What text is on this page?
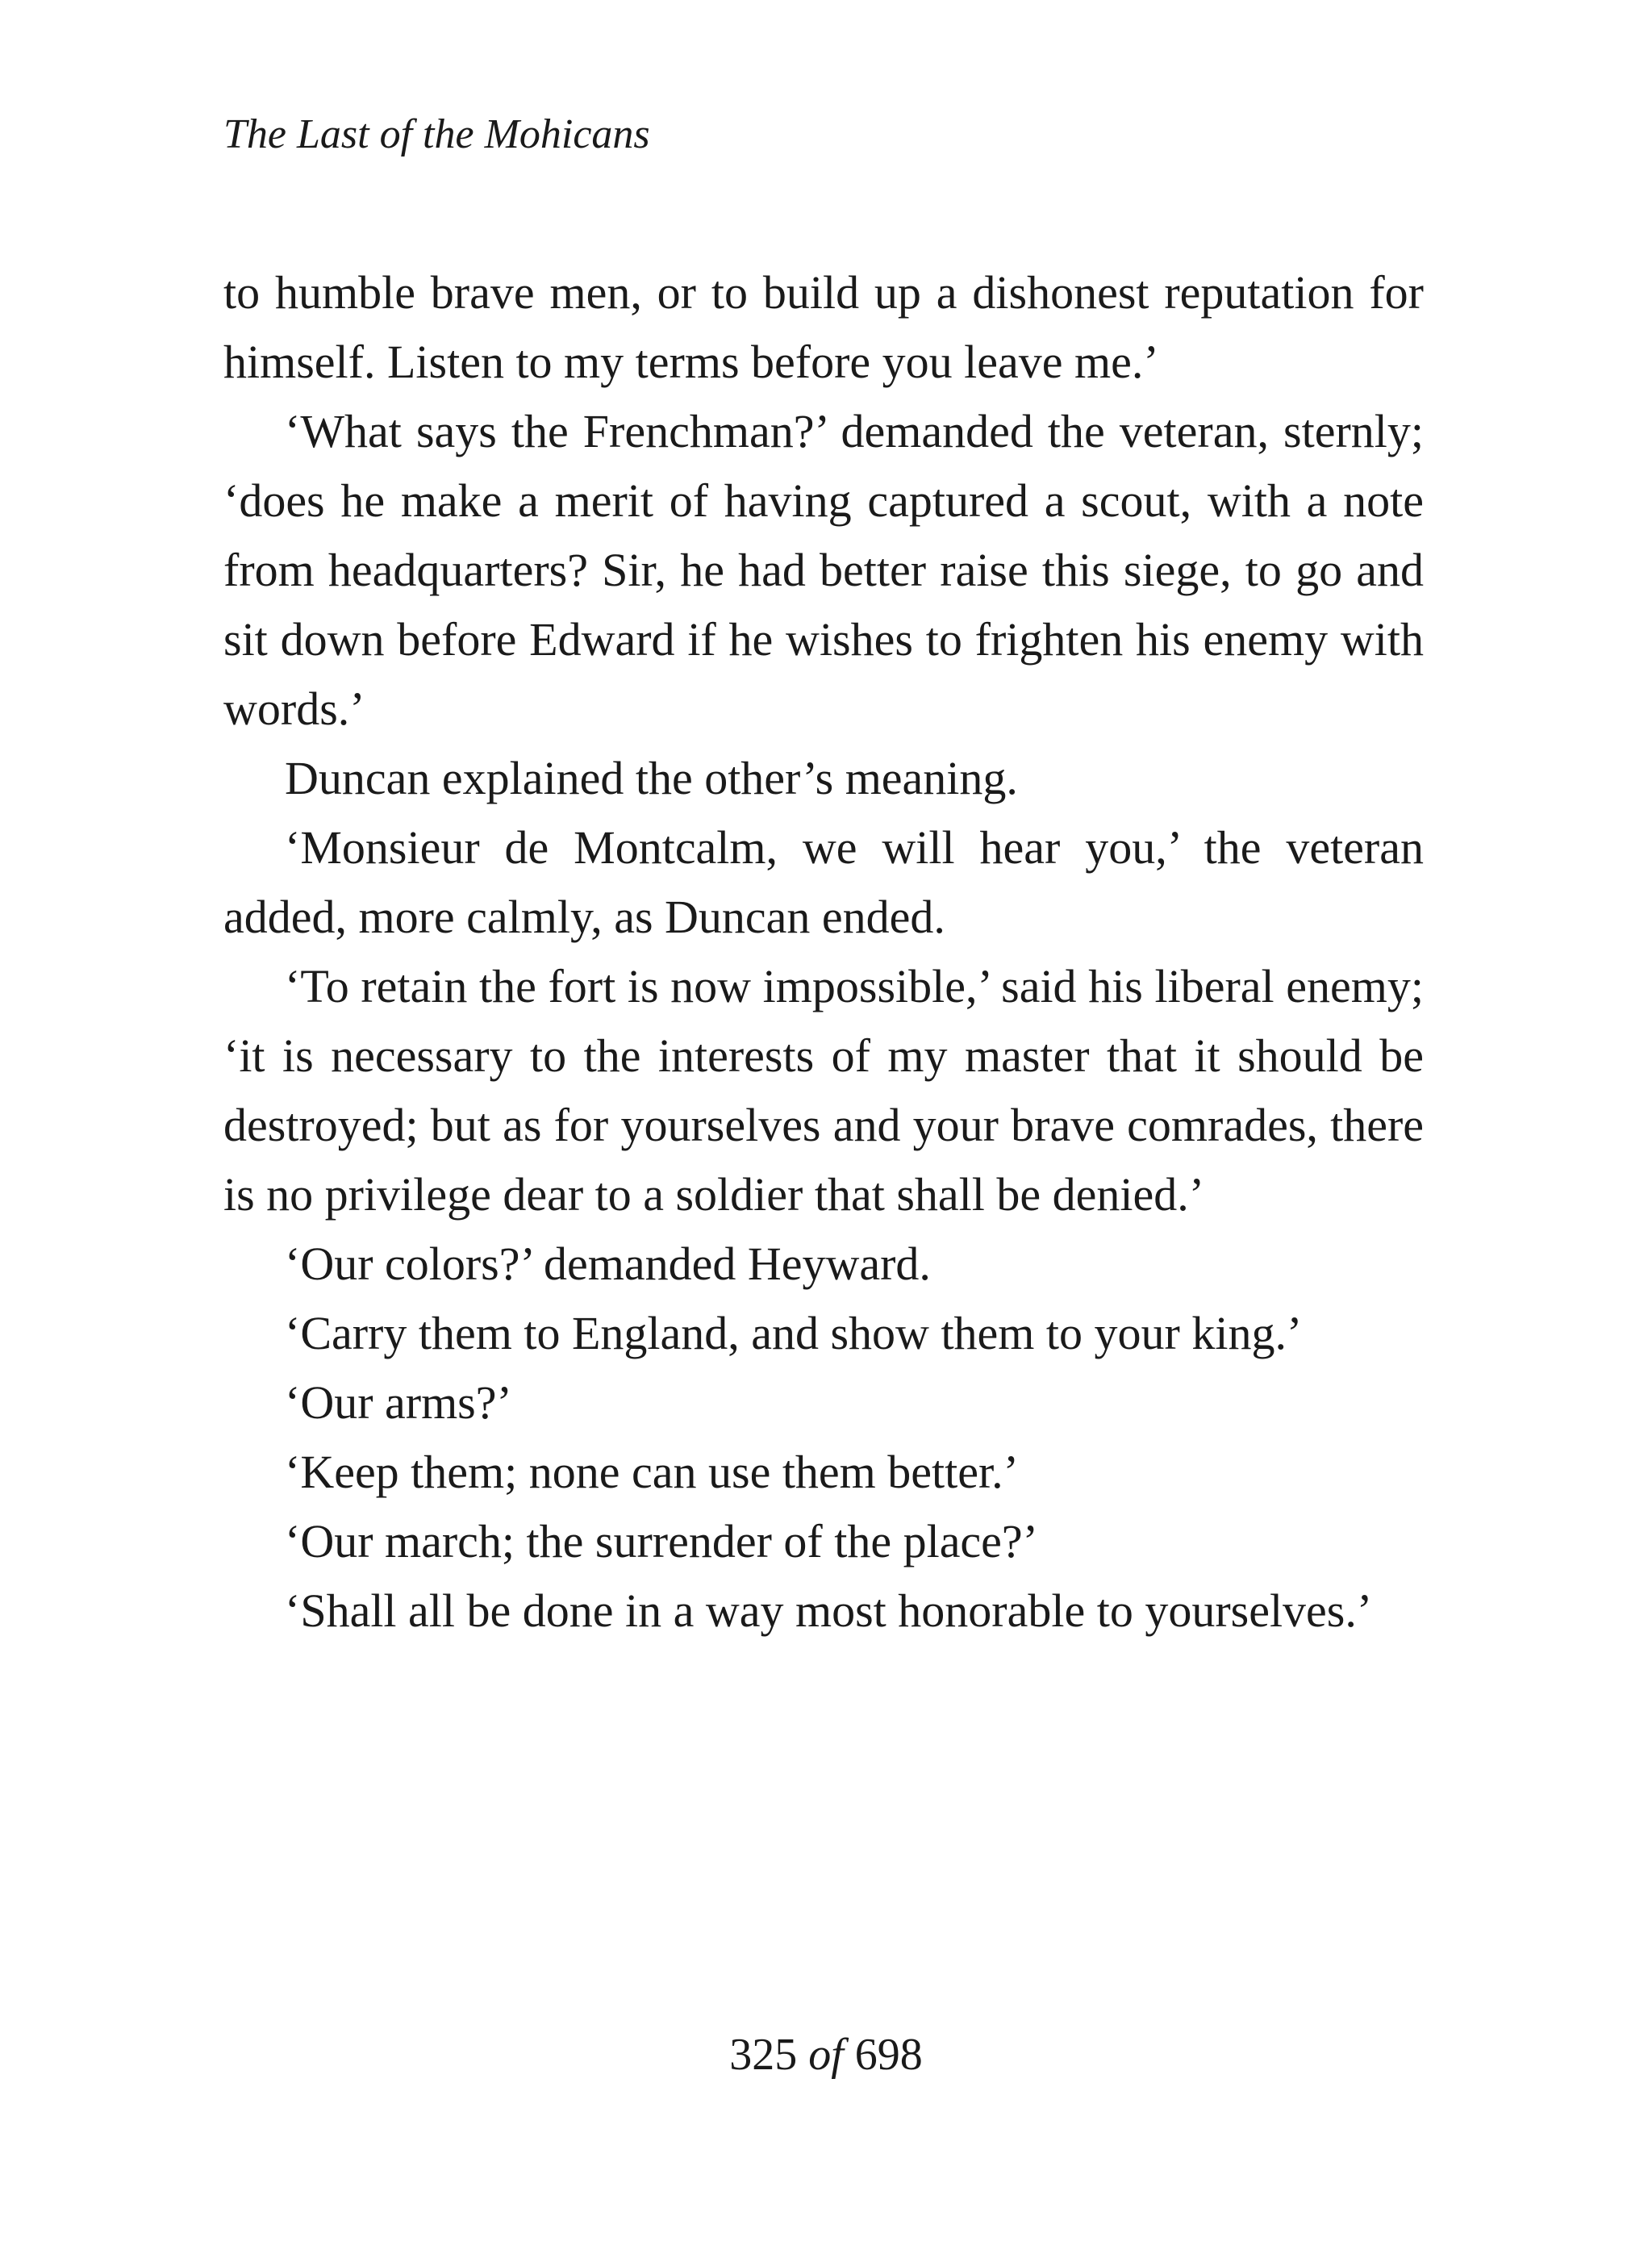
The Last of the Mohicans

to humble brave men, or to build up a dishonest reputation for himself. Listen to my terms before you leave me.’

‘What says the Frenchman?’ demanded the veteran, sternly; ‘does he make a merit of having captured a scout, with a note from headquarters? Sir, he had better raise this siege, to go and sit down before Edward if he wishes to frighten his enemy with words.’

Duncan explained the other’s meaning.

‘Monsieur de Montcalm, we will hear you,’ the veteran added, more calmly, as Duncan ended.

‘To retain the fort is now impossible,’ said his liberal enemy; ‘it is necessary to the interests of my master that it should be destroyed; but as for yourselves and your brave comrades, there is no privilege dear to a soldier that shall be denied.’

‘Our colors?’ demanded Heyward.

‘Carry them to England, and show them to your king.’

‘Our arms?’

‘Keep them; none can use them better.’

‘Our march; the surrender of the place?’

‘Shall all be done in a way most honorable to yourselves.’

325 of 698
